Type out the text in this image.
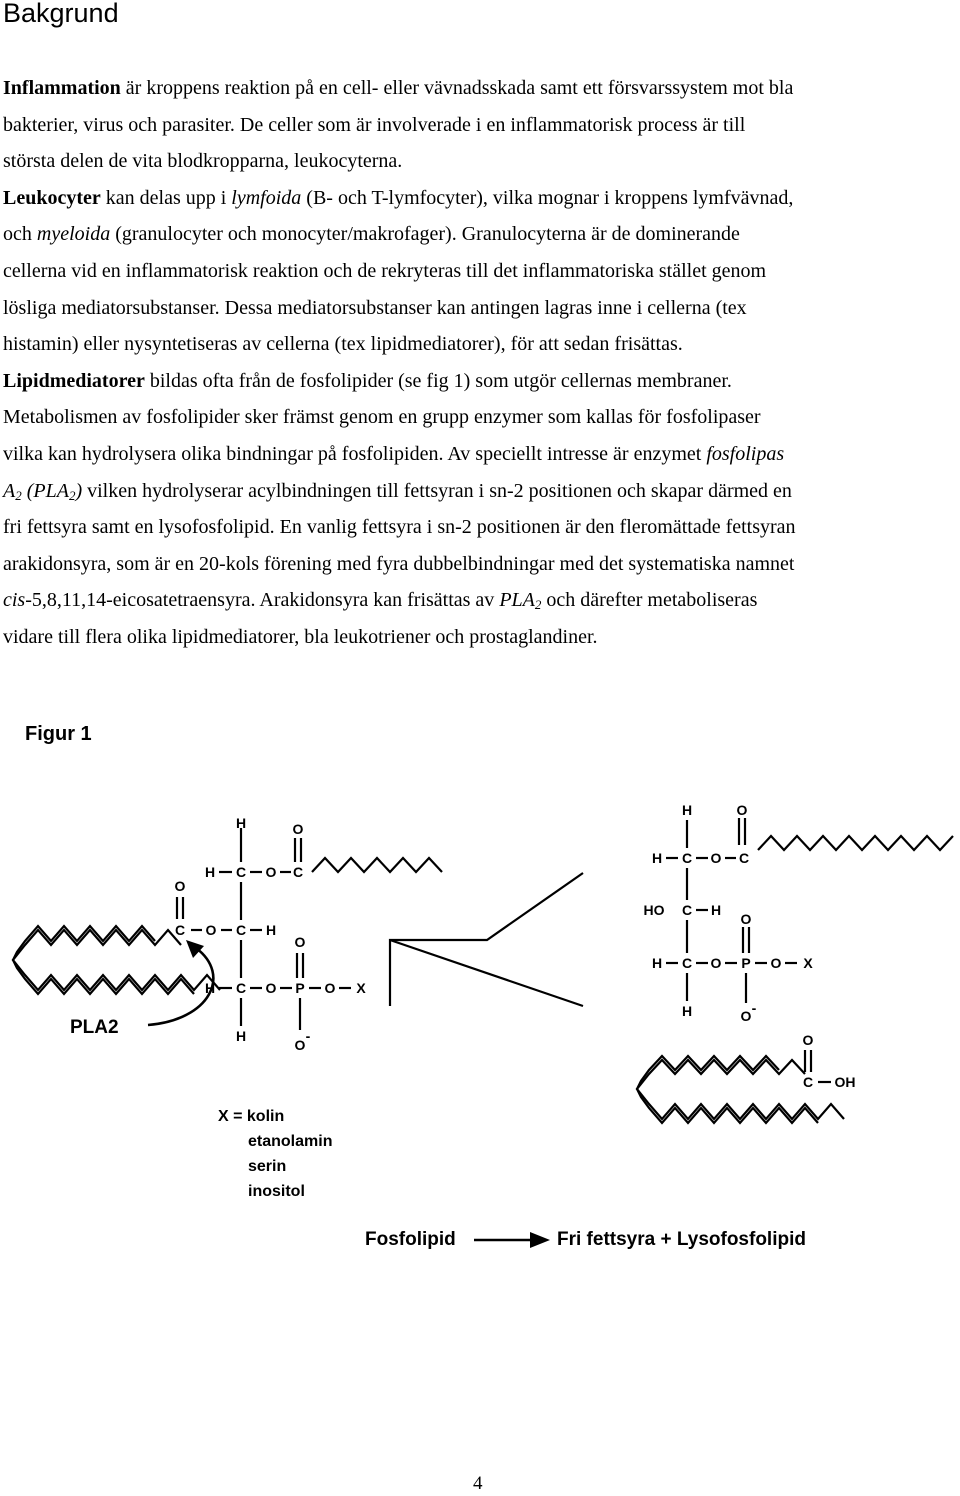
Bakgrund
Inflammation är kroppens reaktion på en cell- eller vävnadsskada samt ett försvarssystem mot bla
bakterier, virus och parasiter. De celler som är involverade i en inflammatorisk process är till
största delen de vita blodkropparna, leukocyterna.
Leukocyter kan delas upp i lymfoida (B- och T-lymfocyter), vilka mognar i kroppens lymfvävnad,
och myeloida (granulocyter och monocyter/makrofager). Granulocyterna är de dominerande
cellerna vid en inflammatorisk reaktion och de rekryteras till det inflammatoriska stället genom
lösliga mediatorsubstanser. Dessa mediatorsubstanser kan antingen lagras inne i cellerna (tex
histamin) eller nysyntetiseras av cellerna (tex lipidmediatorer), för att sedan frisättas.
Lipidmediatorer bildas ofta från de fosfolipider (se fig 1) som utgör cellernas membraner.
Metabolismen av fosfolipider sker främst genom en grupp enzymer som kallas för fosfolipaser
vilka kan hydrolysera olika bindningar på fosfolipiden. Av speciellt intresse är enzymet fosfolipas
$A_2$ $(PLA_2)$ vilken hydrolyserar acylbindningen till fettsyran i sn-2 positionen och skapar därmed en
fri fettsyra samt en lysofosfolipid. En vanlig fettsyra i sn-2 positionen är den fleromättade fettsyran
arakidonsyra, som är en 20-kols förening med fyra dubbelbindningar med det systematiska namnet
cis-5,8,11,14-eicosatetraensyra. Arakidonsyra kan frisättas av $PLA_2$ och därefter metaboliseras
vidare till flera olika lipidmediatorer, bla leukotriener och prostaglandiner.
Figur 1
H	O
H C O C
O
C O C H
O
H C O P O X
H
O
-
H	O
H C O C
HO C H
O
H C O P O X
H	O -
O
C OH
PLA2
X = kolin
etanolamin
serin
inositol
Fosfolipid	Fri fettsyra + Lysofosfolipid
4
